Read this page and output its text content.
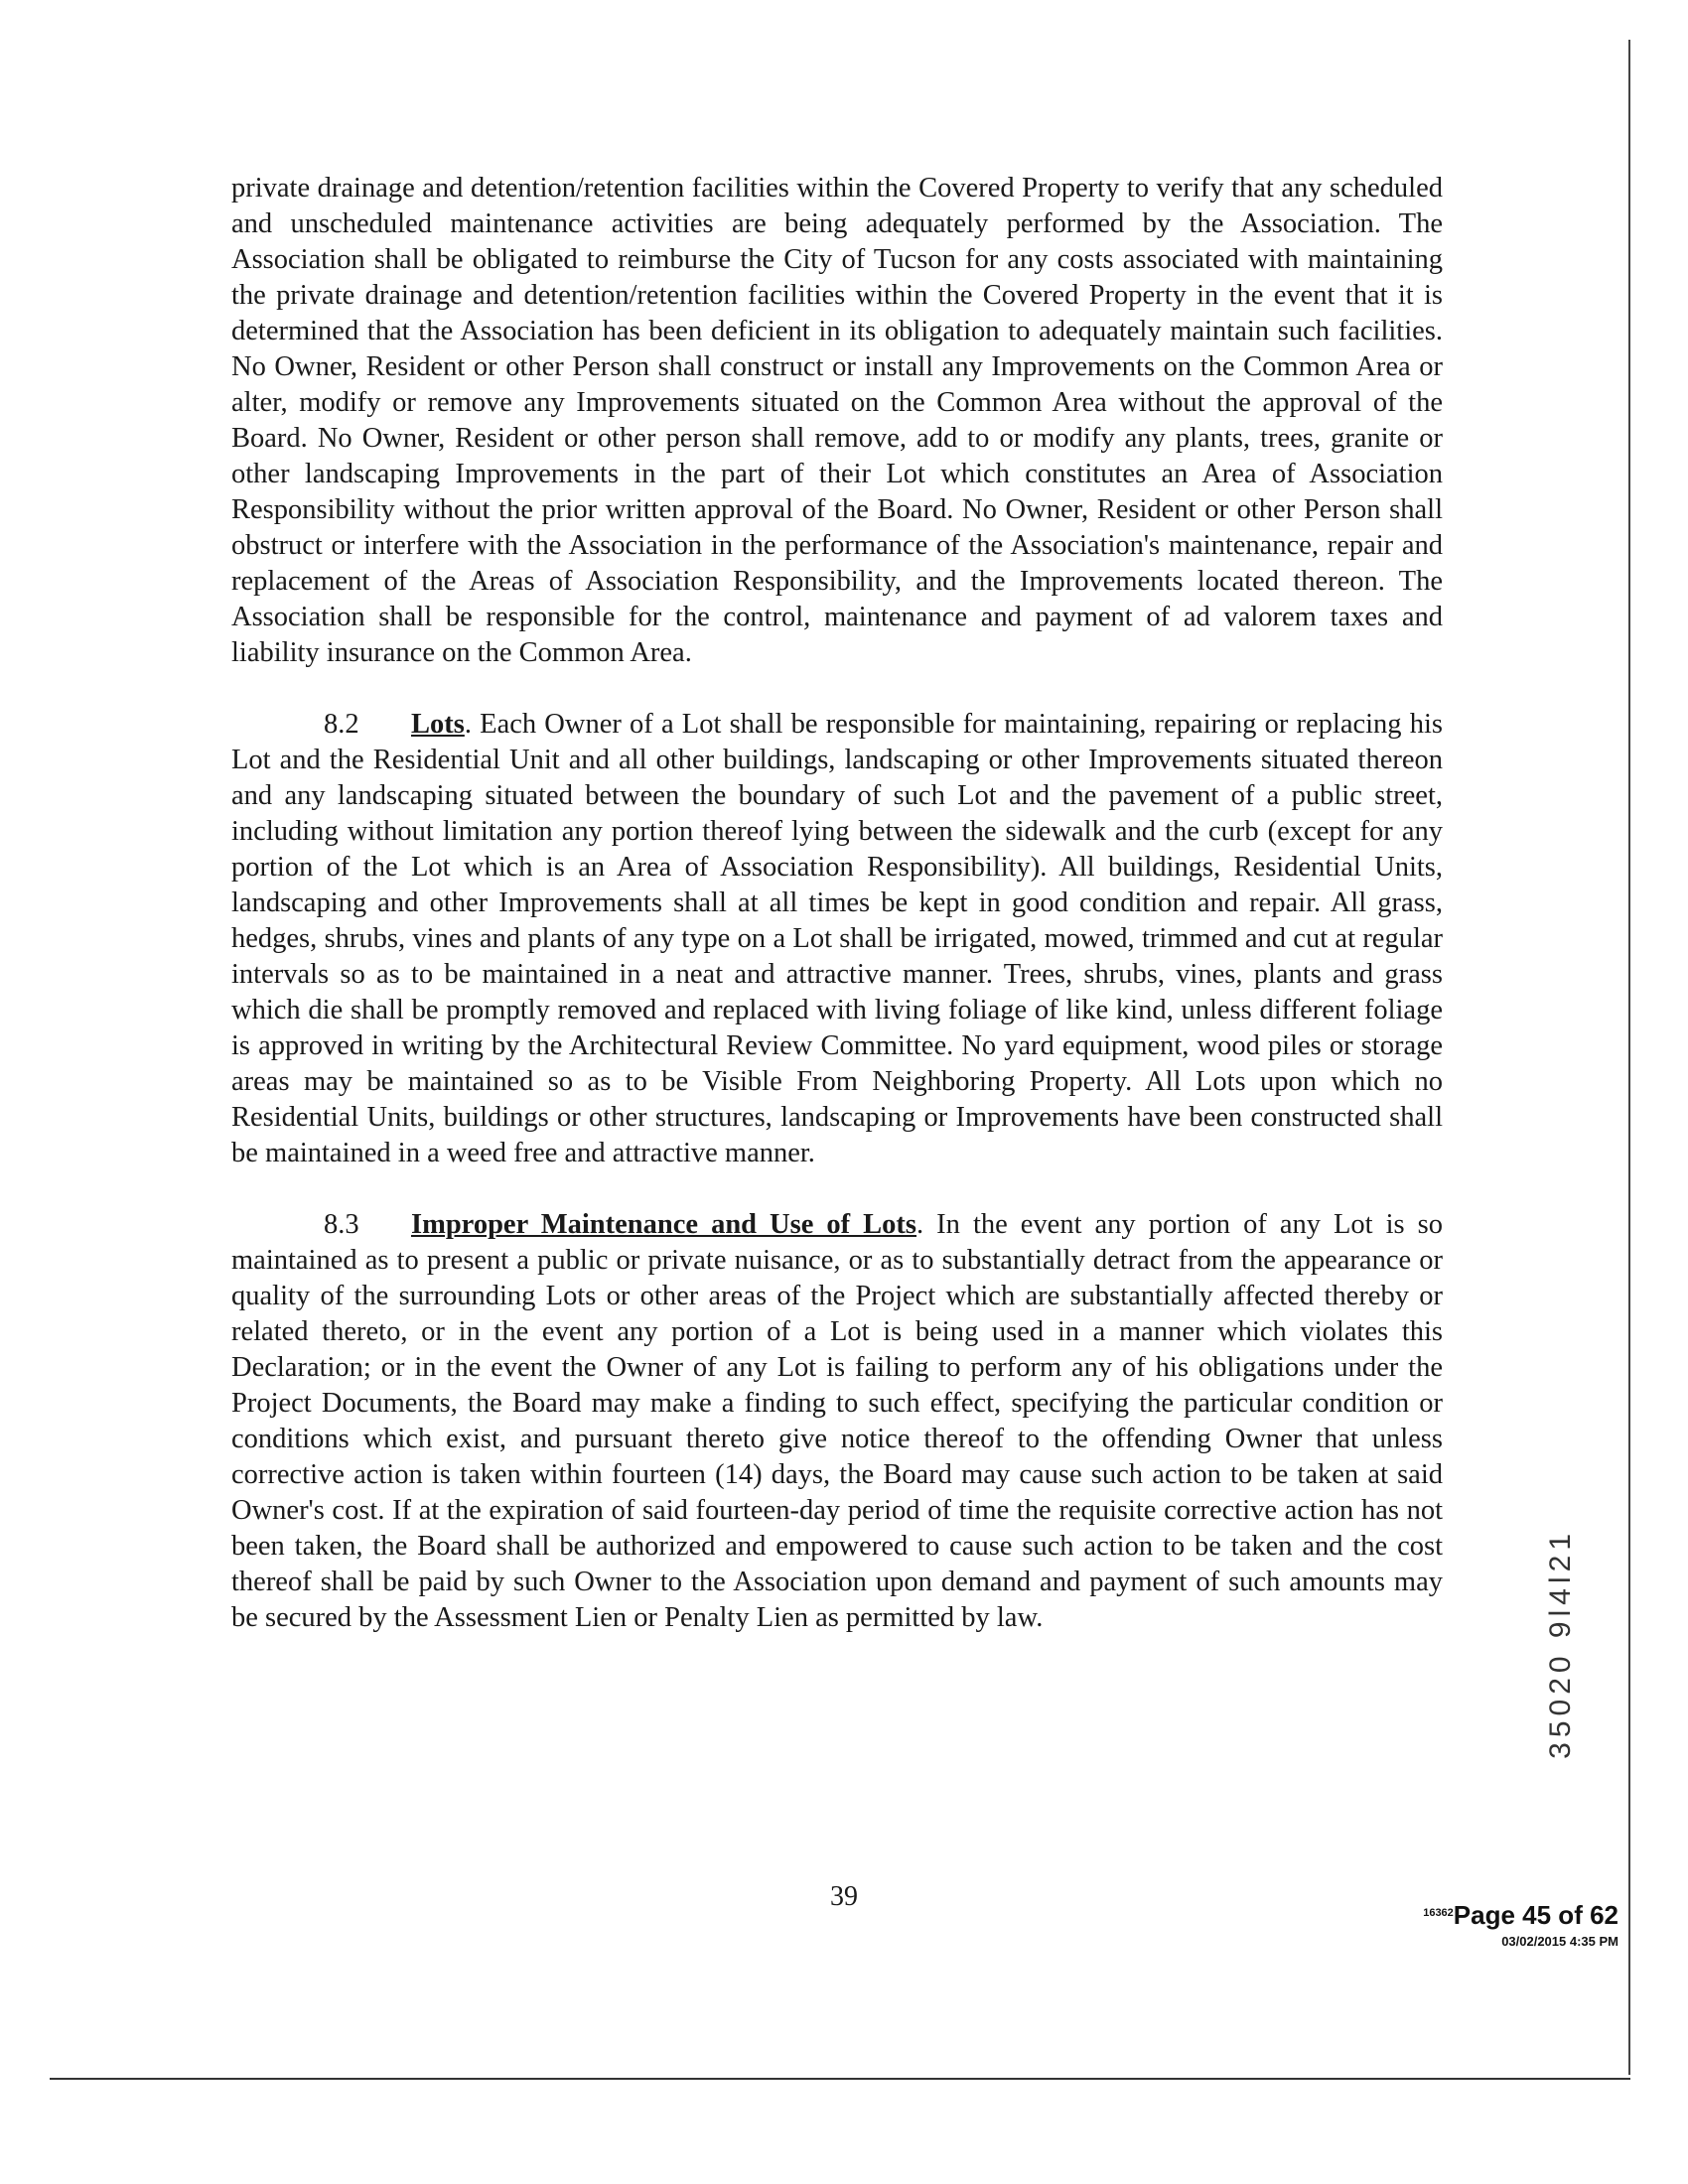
private drainage and detention/retention facilities within the Covered Property to verify that any scheduled and unscheduled maintenance activities are being adequately performed by the Association. The Association shall be obligated to reimburse the City of Tucson for any costs associated with maintaining the private drainage and detention/retention facilities within the Covered Property in the event that it is determined that the Association has been deficient in its obligation to adequately maintain such facilities. No Owner, Resident or other Person shall construct or install any Improvements on the Common Area or alter, modify or remove any Improvements situated on the Common Area without the approval of the Board. No Owner, Resident or other person shall remove, add to or modify any plants, trees, granite or other landscaping Improvements in the part of their Lot which constitutes an Area of Association Responsibility without the prior written approval of the Board. No Owner, Resident or other Person shall obstruct or interfere with the Association in the performance of the Association's maintenance, repair and replacement of the Areas of Association Responsibility, and the Improvements located thereon. The Association shall be responsible for the control, maintenance and payment of ad valorem taxes and liability insurance on the Common Area.

8.2 Lots. Each Owner of a Lot shall be responsible for maintaining, repairing or replacing his Lot and the Residential Unit and all other buildings, landscaping or other Improvements situated thereon and any landscaping situated between the boundary of such Lot and the pavement of a public street, including without limitation any portion thereof lying between the sidewalk and the curb (except for any portion of the Lot which is an Area of Association Responsibility). All buildings, Residential Units, landscaping and other Improvements shall at all times be kept in good condition and repair. All grass, hedges, shrubs, vines and plants of any type on a Lot shall be irrigated, mowed, trimmed and cut at regular intervals so as to be maintained in a neat and attractive manner. Trees, shrubs, vines, plants and grass which die shall be promptly removed and replaced with living foliage of like kind, unless different foliage is approved in writing by the Architectural Review Committee. No yard equipment, wood piles or storage areas may be maintained so as to be Visible From Neighboring Property. All Lots upon which no Residential Units, buildings or other structures, landscaping or Improvements have been constructed shall be maintained in a weed free and attractive manner.

8.3 Improper Maintenance and Use of Lots. In the event any portion of any Lot is so maintained as to present a public or private nuisance, or as to substantially detract from the appearance or quality of the surrounding Lots or other areas of the Project which are substantially affected thereby or related thereto, or in the event any portion of a Lot is being used in a manner which violates this Declaration; or in the event the Owner of any Lot is failing to perform any of his obligations under the Project Documents, the Board may make a finding to such effect, specifying the particular condition or conditions which exist, and pursuant thereto give notice thereof to the offending Owner that unless corrective action is taken within fourteen (14) days, the Board may cause such action to be taken at said Owner's cost. If at the expiration of said fourteen-day period of time the requisite corrective action has not been taken, the Board shall be authorized and empowered to cause such action to be taken and the cost thereof shall be paid by such Owner to the Association upon demand and payment of such amounts may be secured by the Assessment Lien or Penalty Lien as permitted by law.	35020 9l4l21
39
$^{16362}$Page 45 of 62
03/02/2015 4:35 PM
